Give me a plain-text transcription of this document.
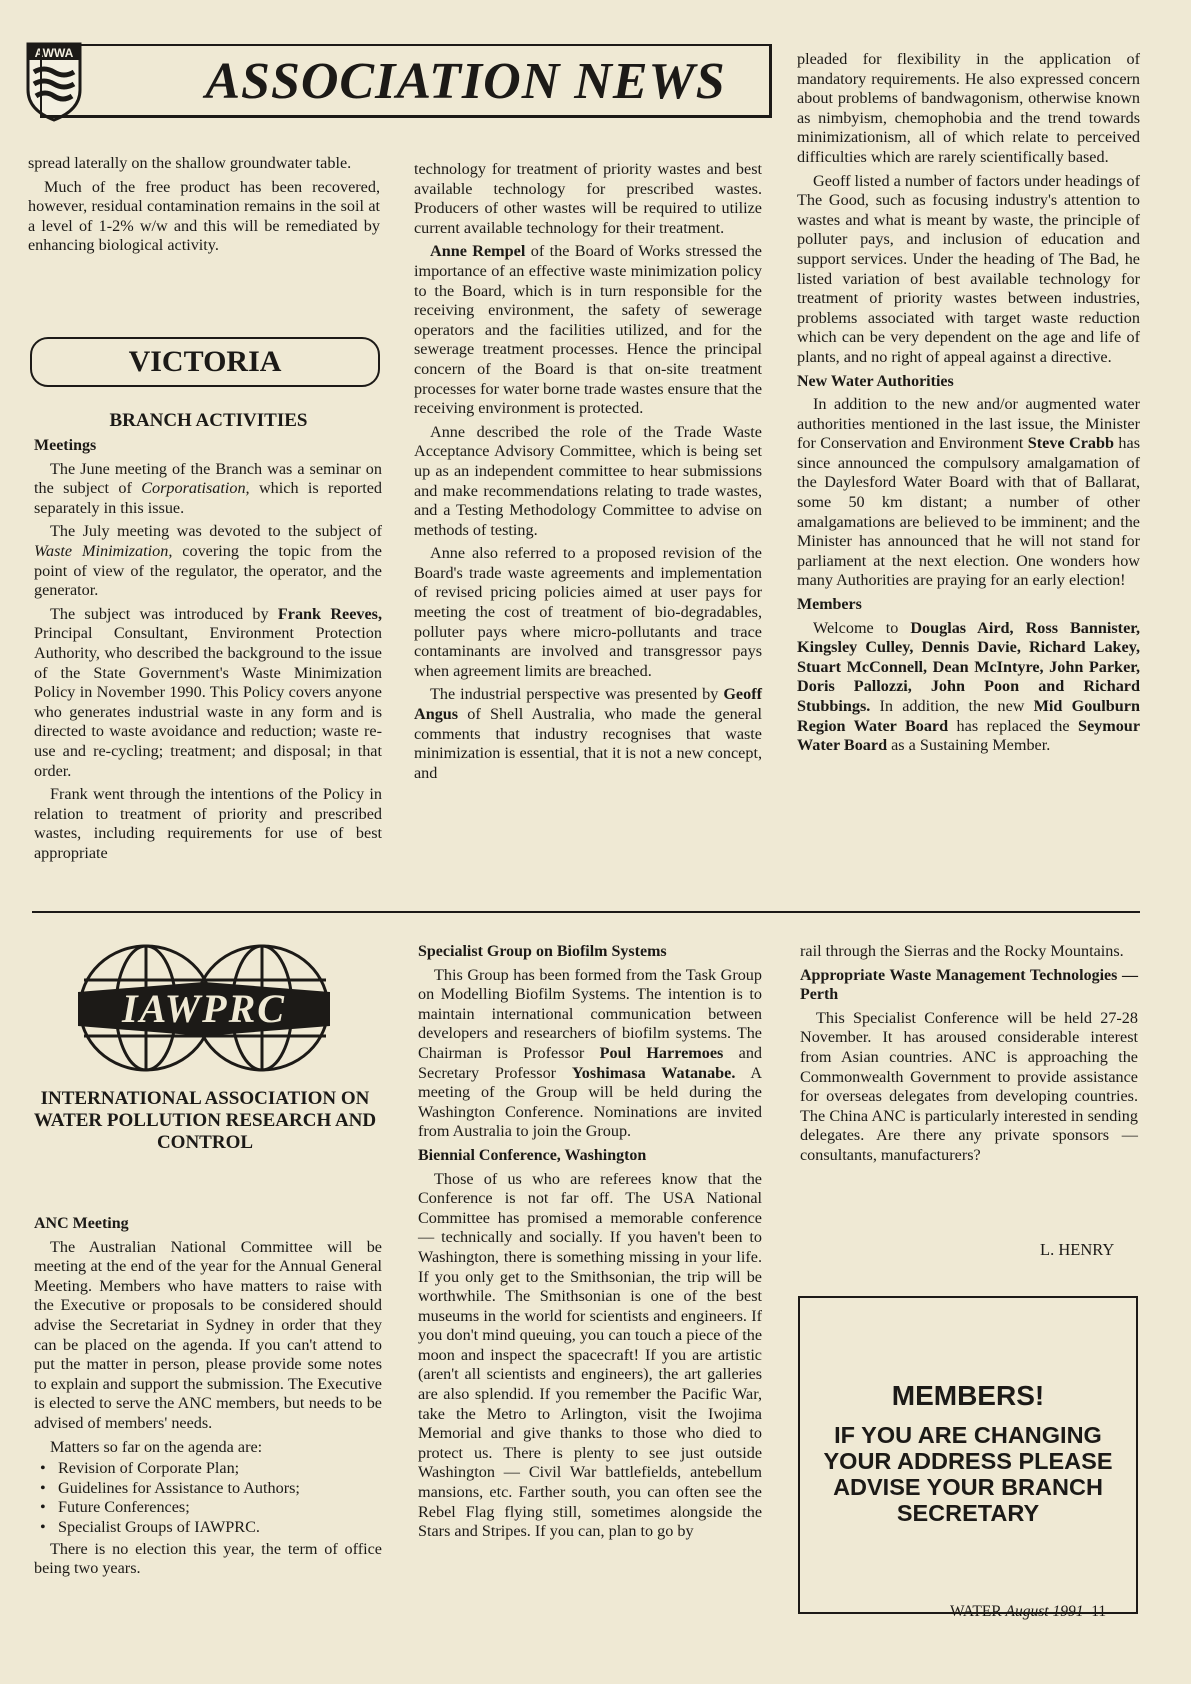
AWWA	ASSOCIATION NEWS

spread laterally on the shallow groundwater table.

Much of the free product has been recovered, however, residual contamination remains in the soil at a level of 1-2% w/w and this will be remediated by enhancing biological activity.

VICTORIA
BRANCH ACTIVITIES

Meetings

The June meeting of the Branch was a seminar on the subject of Corporatisation, which is reported separately in this issue.

The July meeting was devoted to the subject of Waste Minimization, covering the topic from the point of view of the regulator, the operator, and the generator.

The subject was introduced by Frank Reeves, Principal Consultant, Environment Protection Authority, who described the background to the issue of the State Government's Waste Minimization Policy in November 1990. This Policy covers anyone who generates industrial waste in any form and is directed to waste avoidance and reduction; waste re-use and re-cycling; treatment; and disposal; in that order.

Frank went through the intentions of the Policy in relation to treatment of priority and prescribed wastes, including requirements for use of best appropriate

technology for treatment of priority wastes and best available technology for prescribed wastes. Producers of other wastes will be required to utilize current available technology for their treatment.

Anne Rempel of the Board of Works stressed the importance of an effective waste minimization policy to the Board, which is in turn responsible for the receiving environment, the safety of sewerage operators and the facilities utilized, and for the sewerage treatment processes. Hence the principal concern of the Board is that on-site treatment processes for water borne trade wastes ensure that the receiving environment is protected.

Anne described the role of the Trade Waste Acceptance Advisory Committee, which is being set up as an independent committee to hear submissions and make recommendations relating to trade wastes, and a Testing Methodology Committee to advise on methods of testing.

Anne also referred to a proposed revision of the Board's trade waste agreements and implementation of revised pricing policies aimed at user pays for meeting the cost of treatment of bio-degradables, polluter pays where micro-pollutants and trace contaminants are involved and transgressor pays when agreement limits are breached.

The industrial perspective was presented by Geoff Angus of Shell Australia, who made the general comments that industry recognises that waste minimization is essential, that it is not a new concept, and

pleaded for flexibility in the application of mandatory requirements. He also expressed concern about problems of bandwagonism, otherwise known as nimbyism, chemophobia and the trend towards minimizationism, all of which relate to perceived difficulties which are rarely scientifically based.

Geoff listed a number of factors under headings of The Good, such as focusing industry's attention to wastes and what is meant by waste, the principle of polluter pays, and inclusion of education and support services. Under the heading of The Bad, he listed variation of best available technology for treatment of priority wastes between industries, problems associated with target waste reduction which can be very dependent on the age and life of plants, and no right of appeal against a directive.

New Water Authorities

In addition to the new and/or augmented water authorities mentioned in the last issue, the Minister for Conservation and Environment Steve Crabb has since announced the compulsory amalgamation of the Daylesford Water Board with that of Ballarat, some 50 km distant; a number of other amalgamations are believed to be imminent; and the Minister has announced that he will not stand for parliament at the next election. One wonders how many Authorities are praying for an early election!

Members

Welcome to Douglas Aird, Ross Bannister, Kingsley Culley, Dennis Davie, Richard Lakey, Stuart McConnell, Dean McIntyre, John Parker, Doris Pallozzi, John Poon and Richard Stubbings. In addition, the new Mid Goulburn Region Water Board has replaced the Seymour Water Board as a Sustaining Member.

IAWPRC
INTERNATIONAL ASSOCIATION ON WATER POLLUTION RESEARCH AND CONTROL

ANC Meeting

The Australian National Committee will be meeting at the end of the year for the Annual General Meeting. Members who have matters to raise with the Executive or proposals to be considered should advise the Secretariat in Sydney in order that they can be placed on the agenda. If you can't attend to put the matter in person, please provide some notes to explain and support the submission. The Executive is elected to serve the ANC members, but needs to be advised of members' needs.

Matters so far on the agenda are:

• Revision of Corporate Plan;
• Guidelines for Assistance to Authors;
• Future Conferences;
• Specialist Groups of IAWPRC.

There is no election this year, the term of office being two years.

Specialist Group on Biofilm Systems

This Group has been formed from the Task Group on Modelling Biofilm Systems. The intention is to maintain international communication between developers and researchers of biofilm systems. The Chairman is Professor Poul Harremoes and Secretary Professor Yoshimasa Watanabe. A meeting of the Group will be held during the Washington Conference. Nominations are invited from Australia to join the Group.

Biennial Conference, Washington

Those of us who are referees know that the Conference is not far off. The USA National Committee has promised a memorable conference — technically and socially. If you haven't been to Washington, there is something missing in your life. If you only get to the Smithsonian, the trip will be worthwhile. The Smithsonian is one of the best museums in the world for scientists and engineers. If you don't mind queuing, you can touch a piece of the moon and inspect the spacecraft! If you are artistic (aren't all scientists and engineers), the art galleries are also splendid. If you remember the Pacific War, take the Metro to Arlington, visit the Iwojima Memorial and give thanks to those who died to protect us. There is plenty to see just outside Washington — Civil War battlefields, antebellum mansions, etc. Farther south, you can often see the Rebel Flag flying still, sometimes alongside the Stars and Stripes. If you can, plan to go by

rail through the Sierras and the Rocky Mountains.

Appropriate Waste Management Technologies — Perth

This Specialist Conference will be held 27-28 November. It has aroused considerable interest from Asian countries. ANC is approaching the Commonwealth Government to provide assistance for overseas delegates from developing countries. The China ANC is particularly interested in sending delegates. Are there any private sponsors — consultants, manufacturers?

L. HENRY
MEMBERS!
IF YOU ARE CHANGING YOUR ADDRESS PLEASE ADVISE YOUR BRANCH SECRETARY
WATER August 1991 11
